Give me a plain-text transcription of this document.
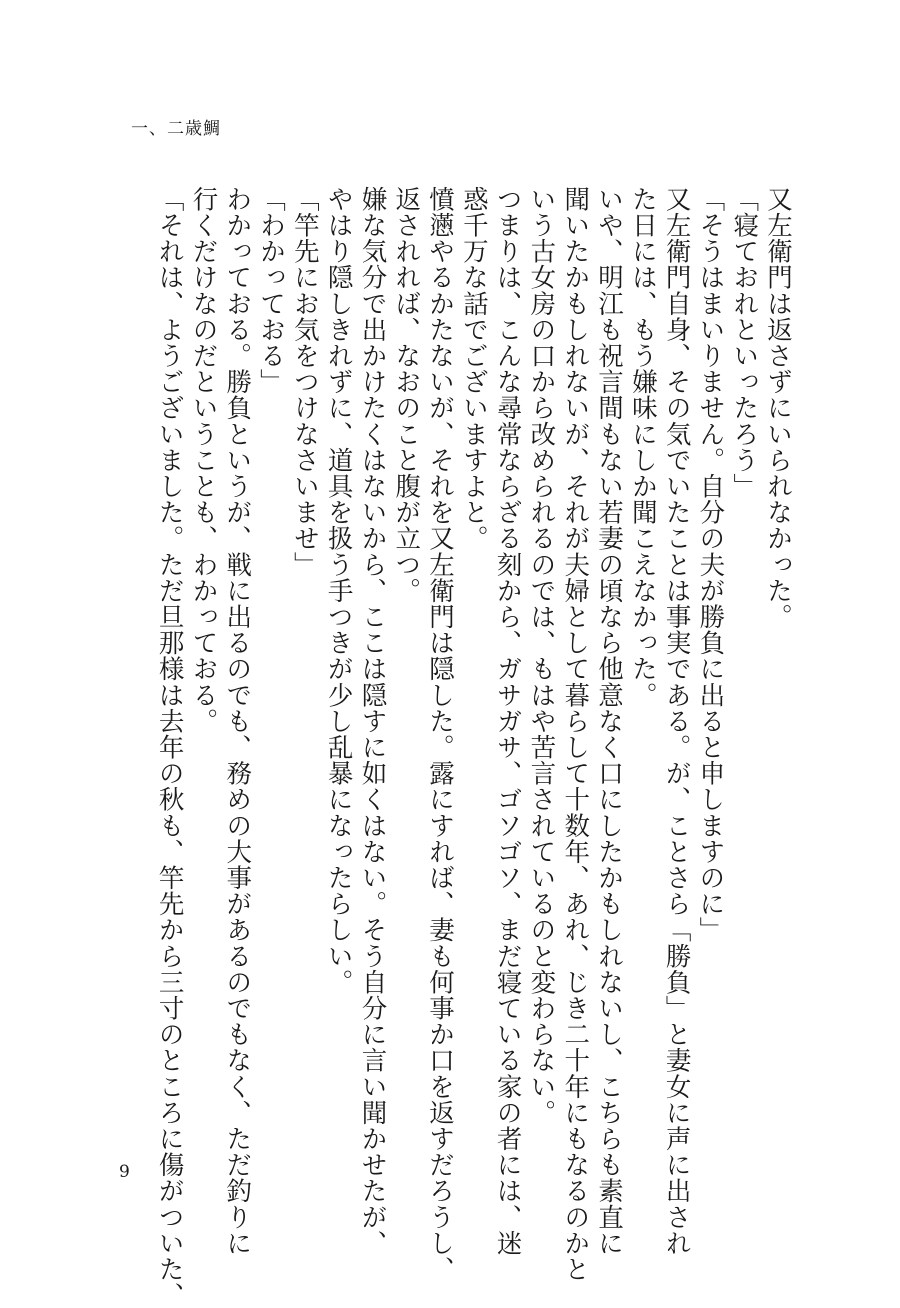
一、二歳鯛
又左衛門は返さずにいられなかった。
「寝ておれといったろう」
「そうはまいりません。自分の夫が勝負に出ると申しますのに」
又左衛門自身、その気でいたことは事実である。が、ことさら「勝負」と妻女に声に出され
た日には、もう嫌味にしか聞こえなかった。
いや、明江も祝言間もない若妻の頃なら他意なく口にしたかもしれないし、こちらも素直に
聞いたかもしれないが、それが夫婦として暮らして十数年、あれ、じき二十年にもなるのかと
いう古女房の口から改められるのでは、もはや苦言されているのと変わらない。
つまりは、こんな尋常ならざる刻から、ガサガサ、ゴソゴソ、まだ寝ている家の者には、迷
惑千万な話でございますよと。
憤懣やるかたないが、それを又左衛門は隠した。露にすれば、妻も何事か口を返すだろうし、
返されれば、なおのこと腹が立つ。
嫌な気分で出かけたくはないから、ここは隠すに如くはない。そう自分に言い聞かせたが、
やはり隠しきれずに、道具を扱う手つきが少し乱暴になったらしい。
「竿先にお気をつけなさいませ」
「わかっておる」
わかっておる。勝負というが、戦に出るのでも、務めの大事があるのでもなく、ただ釣りに
行くだけなのだということも、わかっておる。
「それは、ようございました。ただ旦那様は去年の秋も、竿先から三寸のところに傷がついた、
9
